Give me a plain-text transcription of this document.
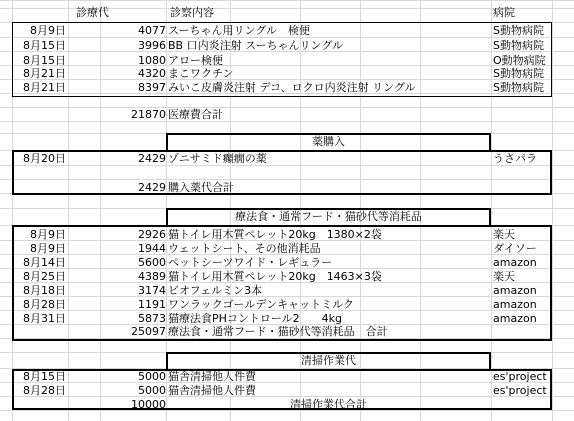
診療代	診察内容	病院
8月9日	4077 スーちゃん用リングル　検便	S動物病院
8月15日	3996 BB 口内炎注射 スーちゃんリングル	S動物病院
8月15日	1080 アロー検便	O動物病院
8月21日	4320 まこワクチン	S動物病院
8月21日	8397 みいこ皮膚炎注射 デコ、ロクロ内炎注射 リングル	S動物病院
21870 医療費合計
薬購入
8月20日	2429 ゾニサミド癲癇の薬	うさパラ
2429 購入薬代合計
療法食・通常フード・猫砂代等消耗品
8月9日	2926 猫トイレ用木質ペレット20kg　1380×2袋	楽天
8月9日	1944 ウェットシート、その他消耗品	ダイソー
8月14日	5600 ペットシーツワイド・レギュラー	amazon
8月25日	4389 猫トイレ用木質ペレット20kg　1463×3袋	楽天
8月18日	3174 ビオフェルミン3本	amazon
8月28日	1191 ワンラックゴールデンキャットミルク	amazon
8月31日	5873 猫療法食PHコントロール2　　4kg	amazon
25097 療法食・通常フード・猫砂代等消耗品　合計
清掃作業代
8月15日	5000 猫舎清掃他人件費	es'project
8月28日	5000 猫舎清掃他人件費	es'project
10000	清掃作業代合計
